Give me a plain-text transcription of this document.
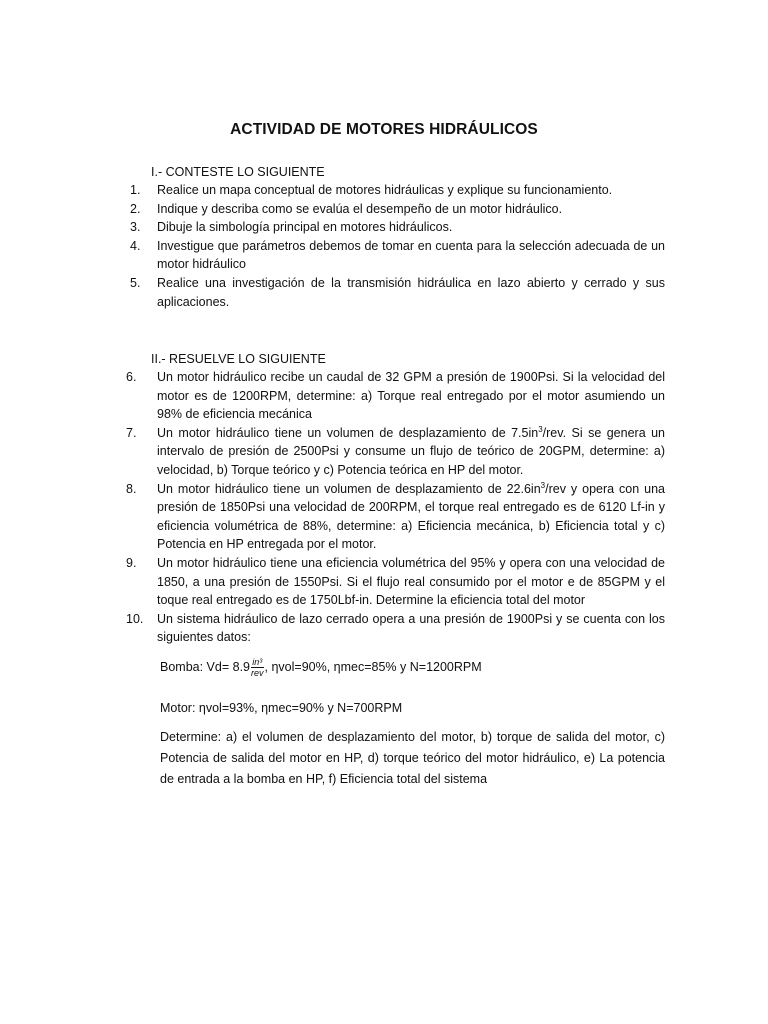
ACTIVIDAD DE MOTORES HIDRÁULICOS
I.- CONTESTE LO SIGUIENTE
1. Realice un mapa conceptual de motores hidráulicas y explique su funcionamiento.
2. Indique y describa como se evalúa el desempeño de un motor hidráulico.
3. Dibuje la simbología principal en motores hidráulicos.
4. Investigue que parámetros debemos de tomar en cuenta para la selección adecuada de un motor hidráulico
5. Realice una investigación de la transmisión hidráulica en lazo abierto y cerrado y sus aplicaciones.
II.- RESUELVE LO SIGUIENTE
6. Un motor hidráulico recibe un caudal de 32 GPM a presión de 1900Psi. Si la velocidad del motor es de 1200RPM, determine: a) Torque real entregado por el motor asumiendo un 98% de eficiencia mecánica
7. Un motor hidráulico tiene un volumen de desplazamiento de $7.5in^3$/rev. Si se genera un intervalo de presión de 2500Psi y consume un flujo de teórico de 20GPM, determine: a) velocidad, b) Torque teórico y c) Potencia teórica en HP del motor.
8. Un motor hidráulico tiene un volumen de desplazamiento de $22.6in^3$/rev y opera con una presión de 1850Psi una velocidad de 200RPM, el torque real entregado es de 6120 Lf-in y eficiencia volumétrica de 88%, determine: a) Eficiencia mecánica, b) Eficiencia total y c) Potencia en HP entregada por el motor.
9. Un motor hidráulico tiene una eficiencia volumétrica del 95% y opera con una velocidad de 1850, a una presión de 1550Psi. Si el flujo real consumido por el motor e de 85GPM y el toque real entregado es de 1750Lbf-in. Determine la eficiencia total del motor
10. Un sistema hidráulico de lazo cerrado opera a una presión de 1900Psi y se cuenta con los siguientes datos:
Bomba: $Vd= 8.9 \frac{\text{in³}}{\text{rev}}$ , ηvol=90%, ηmec=85% y N=1200RPM
Motor: ηvol=93%, ηmec=90% y N=700RPM
Determine: a) el volumen de desplazamiento del motor, b) torque de salida del motor, c) Potencia de salida del motor en HP, d) torque teórico del motor hidráulico, e) La potencia de entrada a la bomba en HP, f) Eficiencia total del sistema
